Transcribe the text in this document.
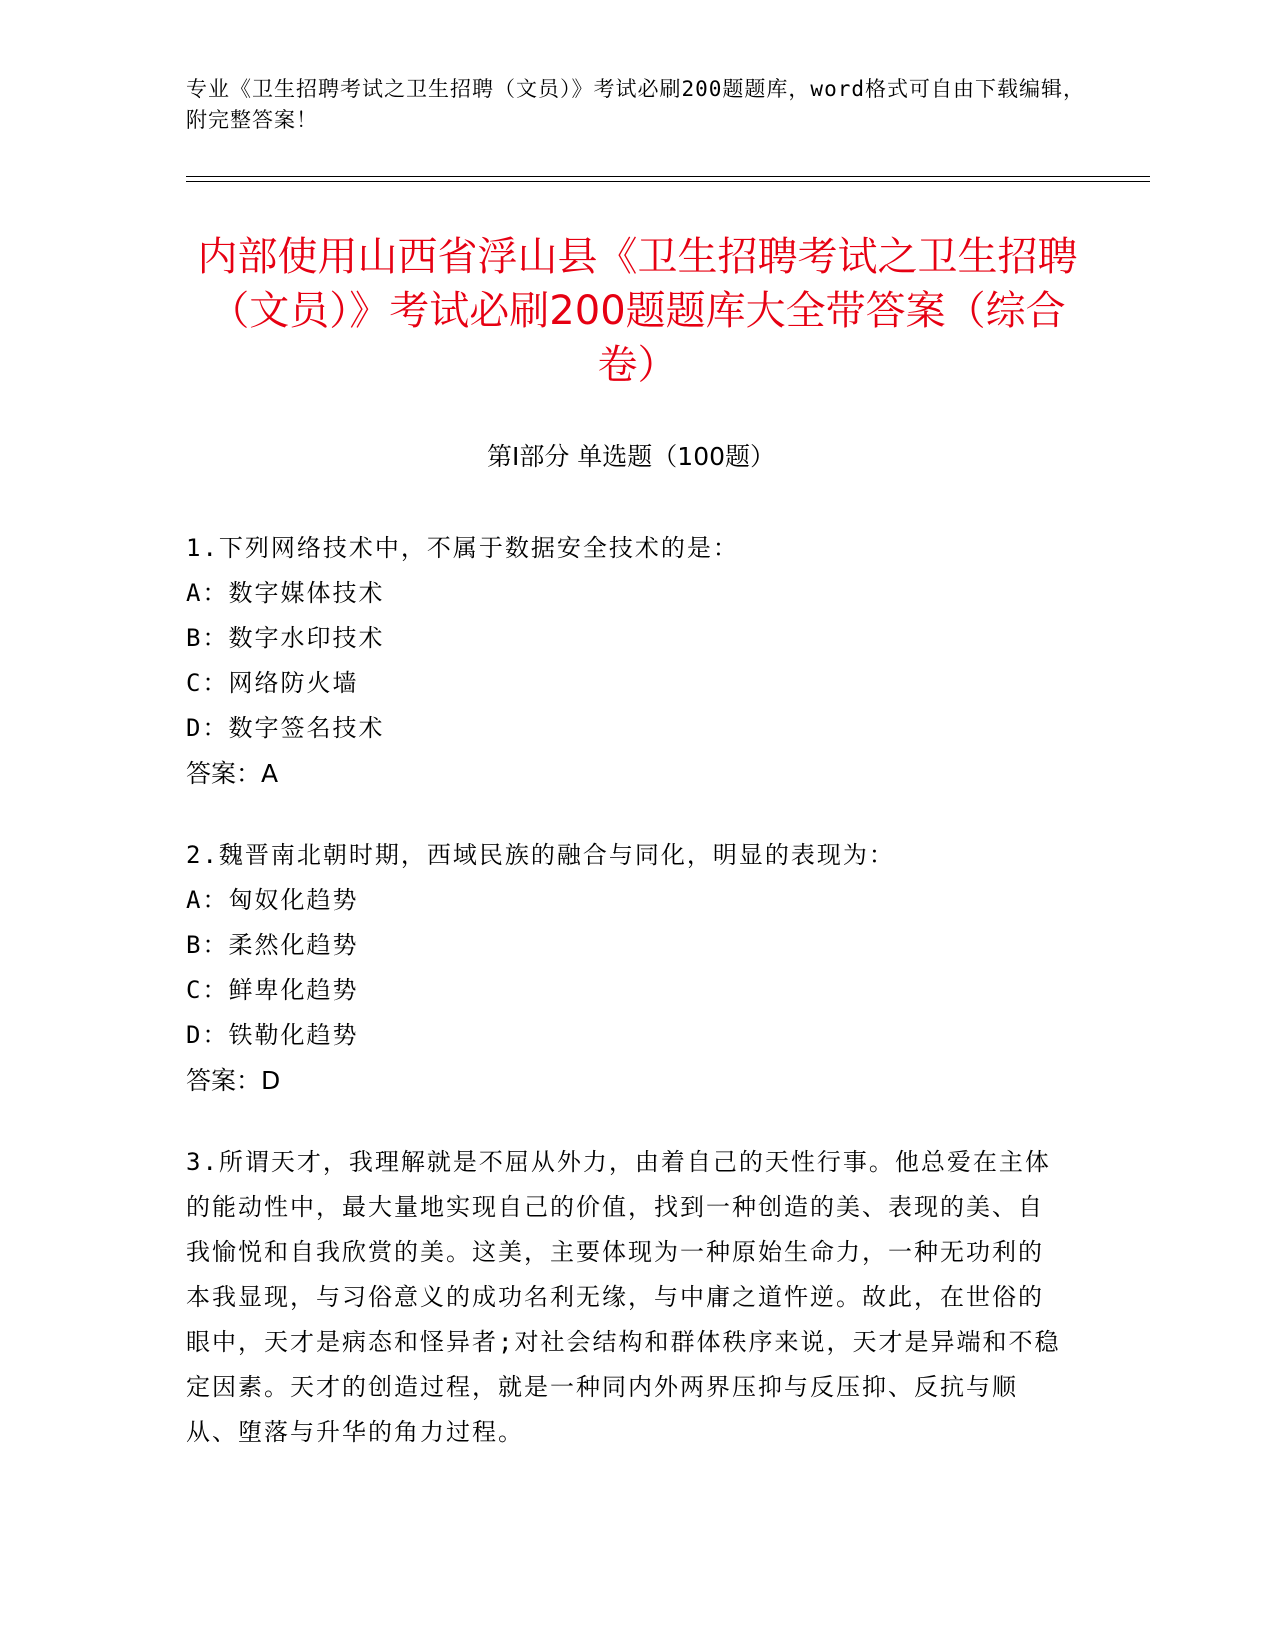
专业《卫生招聘考试之卫生招聘（文员）》考试必刷200题题库，word格式可自由下载编辑，附完整答案！
内部使用山西省浮山县《卫生招聘考试之卫生招聘（文员）》考试必刷200题题库大全带答案（综合卷）
第Ⅰ部分 单选题（100题）

1.下列网络技术中，不属于数据安全技术的是：

A：数字媒体技术

B：数字水印技术

C：网络防火墙

D：数字签名技术

答案：A

2.魏晋南北朝时期，西域民族的融合与同化，明显的表现为：

A：匈奴化趋势

B：柔然化趋势

C：鲜卑化趋势

D：铁勒化趋势

答案：D

3.所谓天才，我理解就是不屈从外力，由着自己的天性行事。他总爱在主体的能动性中，最大量地实现自己的价值，找到一种创造的美、表现的美、自我愉悦和自我欣赏的美。这美，主要体现为一种原始生命力，一种无功利的本我显现，与习俗意义的成功名利无缘，与中庸之道忤逆。故此，在世俗的眼中，天才是病态和怪异者;对社会结构和群体秩序来说，天才是异端和不稳定因素。天才的创造过程，就是一种同内外两界压抑与反压抑、反抗与顺从、堕落与升华的角力过程。
